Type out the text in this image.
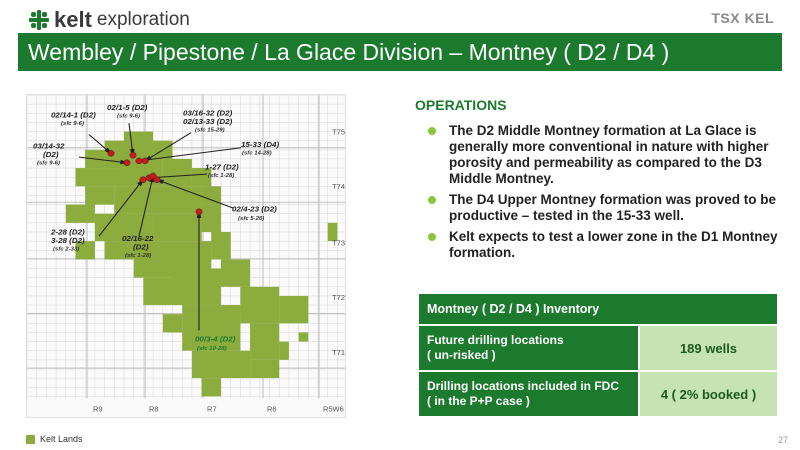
kelt exploration	TSX KEL
Wembley / Pipestone / La Glace Division – Montney ( D2 / D4 )
02/14-1 (D2)
(sfc 9-6)
02/1-5 (D2)
(sfc 9-6)	03/16-32 (D2)
02/13-33 (D2)
(sfc 15-29)
03/14-32
(D2)
(sfc 9-6)
15-33 (D4)
(sfc 14-28)
1-27 (D2)
(sfc 1-28)
02/4-23 (D2)
(sfc 5-26)
2-28 (D2)
3-28 (D2)
(sfc 2-33)
02/16-22
(D2)
(sfc 1-28)
00/3-4 (D2)
(sfc 10-28)
T75
T74
T73
T72
T71
R9	R8	R7	R6	R5W6
Kelt Lands
OPERATIONS
The D2 Middle Montney formation at La Glace is generally more conventional in nature with higher porosity and permeability as compared to the D3 Middle Montney.
The D4 Upper Montney formation was proved to be productive – tested in the 15-33 well.
Kelt expects to test a lower zone in the D1 Montney formation.
Montney ( D2 / D4 ) Inventory
Future drilling locations
( un-risked )	189 wells
Drilling locations included in FDC
( in the P+P case )	4 ( 2% booked )
27
